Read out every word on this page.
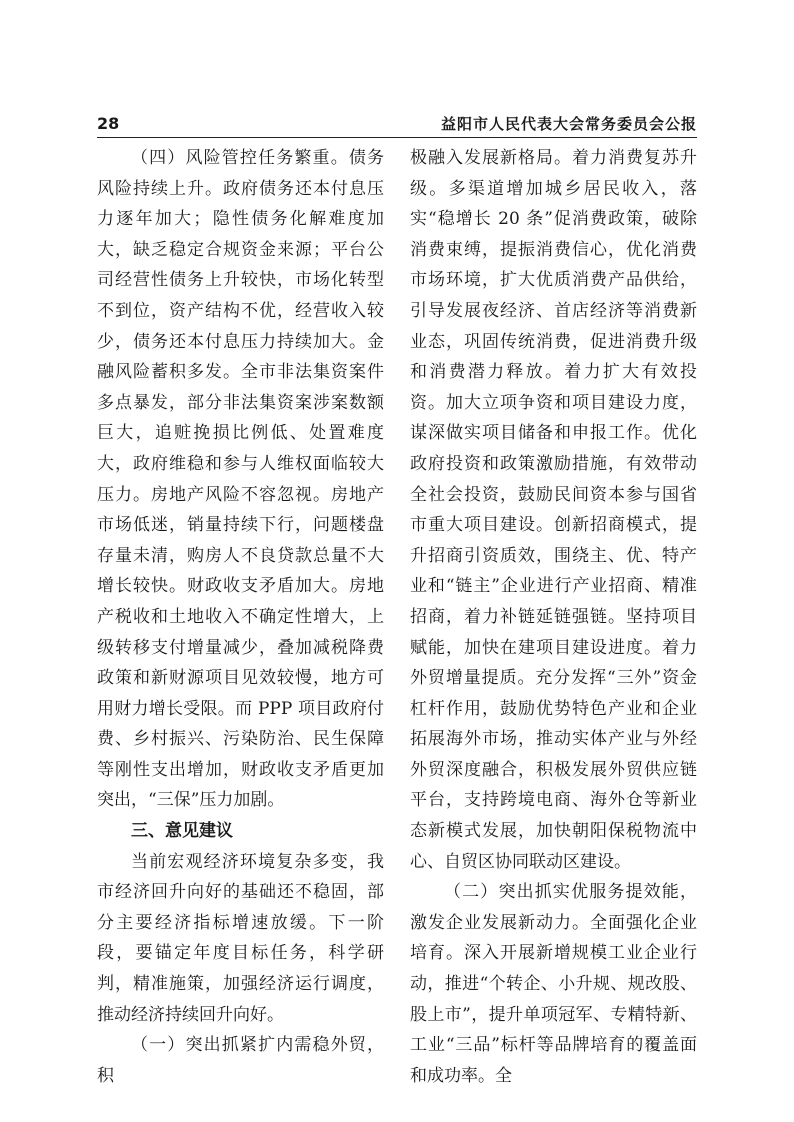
28	益阳市人民代表大会常务委员会公报

（四）风险管控任务繁重。债务风险持续上升。政府债务还本付息压力逐年加大；隐性债务化解难度加大，缺乏稳定合规资金来源；平台公司经营性债务上升较快，市场化转型不到位，资产结构不优，经营收入较少，债务还本付息压力持续加大。金融风险蓄积多发。全市非法集资案件多点暴发，部分非法集资案涉案数额巨大，追赃挽损比例低、处置难度大，政府维稳和参与人维权面临较大压力。房地产风险不容忽视。房地产市场低迷，销量持续下行，问题楼盘存量未清，购房人不良贷款总量不大增长较快。财政收支矛盾加大。房地产税收和土地收入不确定性增大，上级转移支付增量减少，叠加减税降费政策和新财源项目见效较慢，地方可用财力增长受限。而 PPP 项目政府付费、乡村振兴、污染防治、民生保障等刚性支出增加，财政收支矛盾更加突出，“三保”压力加剧。

三、意见建议

当前宏观经济环境复杂多变，我市经济回升向好的基础还不稳固，部分主要经济指标增速放缓。下一阶段，要锚定年度目标任务，科学研判，精准施策，加强经济运行调度，推动经济持续回升向好。

（一）突出抓紧扩内需稳外贸，积

极融入发展新格局。着力消费复苏升级。多渠道增加城乡居民收入，落实“稳增长 20 条”促消费政策，破除消费束缚，提振消费信心，优化消费市场环境，扩大优质消费产品供给，引导发展夜经济、首店经济等消费新业态，巩固传统消费，促进消费升级和消费潜力释放。着力扩大有效投资。加大立项争资和项目建设力度，谋深做实项目储备和申报工作。优化政府投资和政策激励措施，有效带动全社会投资，鼓励民间资本参与国省市重大项目建设。创新招商模式，提升招商引资质效，围绕主、优、特产业和“链主”企业进行产业招商、精准招商，着力补链延链强链。坚持项目赋能，加快在建项目建设进度。着力外贸增量提质。充分发挥“三外”资金杠杆作用，鼓励优势特色产业和企业拓展海外市场，推动实体产业与外经外贸深度融合，积极发展外贸供应链平台，支持跨境电商、海外仓等新业态新模式发展，加快朝阳保税物流中心、自贸区协同联动区建设。

（二）突出抓实优服务提效能，激发企业发展新动力。全面强化企业培育。深入开展新增规模工业企业行动，推进“个转企、小升规、规改股、股上市”，提升单项冠军、专精特新、工业“三品”标杆等品牌培育的覆盖面和成功率。全
